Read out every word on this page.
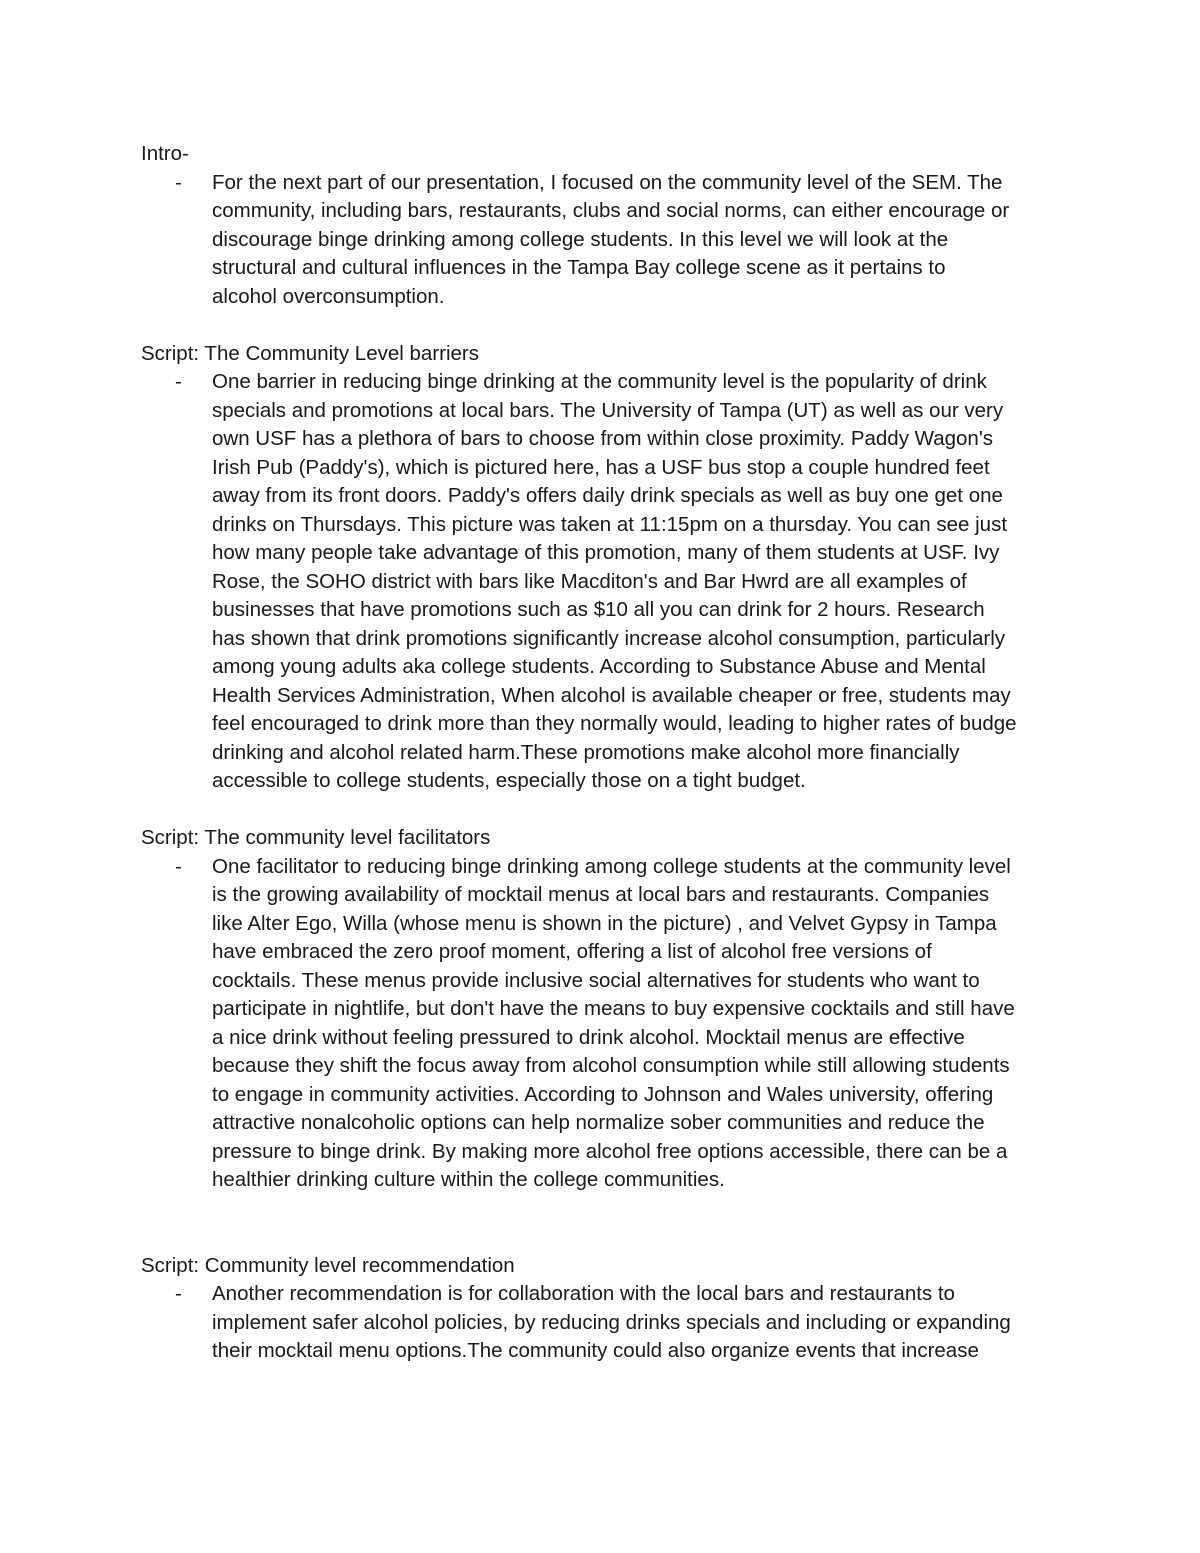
Intro-
- For the next part of our presentation, I focused on the community level of the SEM. The
community, including bars, restaurants, clubs and social norms, can either encourage or
discourage binge drinking among college students. In this level we will look at the
structural and cultural influences in the Tampa Bay college scene as it pertains to
alcohol overconsumption.
Script: The Community Level barriers
- One barrier in reducing binge drinking at the community level is the popularity of drink
specials and promotions at local bars. The University of Tampa (UT) as well as our very
own USF has a plethora of bars to choose from within close proximity. Paddy Wagon's
Irish Pub (Paddy's), which is pictured here, has a USF bus stop a couple hundred feet
away from its front doors. Paddy's offers daily drink specials as well as buy one get one
drinks on Thursdays. This picture was taken at 11:15pm on a thursday. You can see just
how many people take advantage of this promotion, many of them students at USF. Ivy
Rose, the SOHO district with bars like Macditon's and Bar Hwrd are all examples of
businesses that have promotions such as $10 all you can drink for 2 hours. Research
has shown that drink promotions significantly increase alcohol consumption, particularly
among young adults aka college students. According to Substance Abuse and Mental
Health Services Administration, When alcohol is available cheaper or free, students may
feel encouraged to drink more than they normally would, leading to higher rates of budge
drinking and alcohol related harm.These promotions make alcohol more financially
accessible to college students, especially those on a tight budget.
Script: The community level facilitators
- One facilitator to reducing binge drinking among college students at the community level
is the growing availability of mocktail menus at local bars and restaurants. Companies
like Alter Ego, Willa (whose menu is shown in the picture) , and Velvet Gypsy in Tampa
have embraced the zero proof moment, offering a list of alcohol free versions of
cocktails. These menus provide inclusive social alternatives for students who want to
participate in nightlife, but don't have the means to buy expensive cocktails and still have
a nice drink without feeling pressured to drink alcohol. Mocktail menus are effective
because they shift the focus away from alcohol consumption while still allowing students
to engage in community activities. According to Johnson and Wales university, offering
attractive nonalcoholic options can help normalize sober communities and reduce the
pressure to binge drink. By making more alcohol free options accessible, there can be a
healthier drinking culture within the college communities.
Script: Community level recommendation
- Another recommendation is for collaboration with the local bars and restaurants to
implement safer alcohol policies, by reducing drinks specials and including or expanding
their mocktail menu options.The community could also organize events that increase
